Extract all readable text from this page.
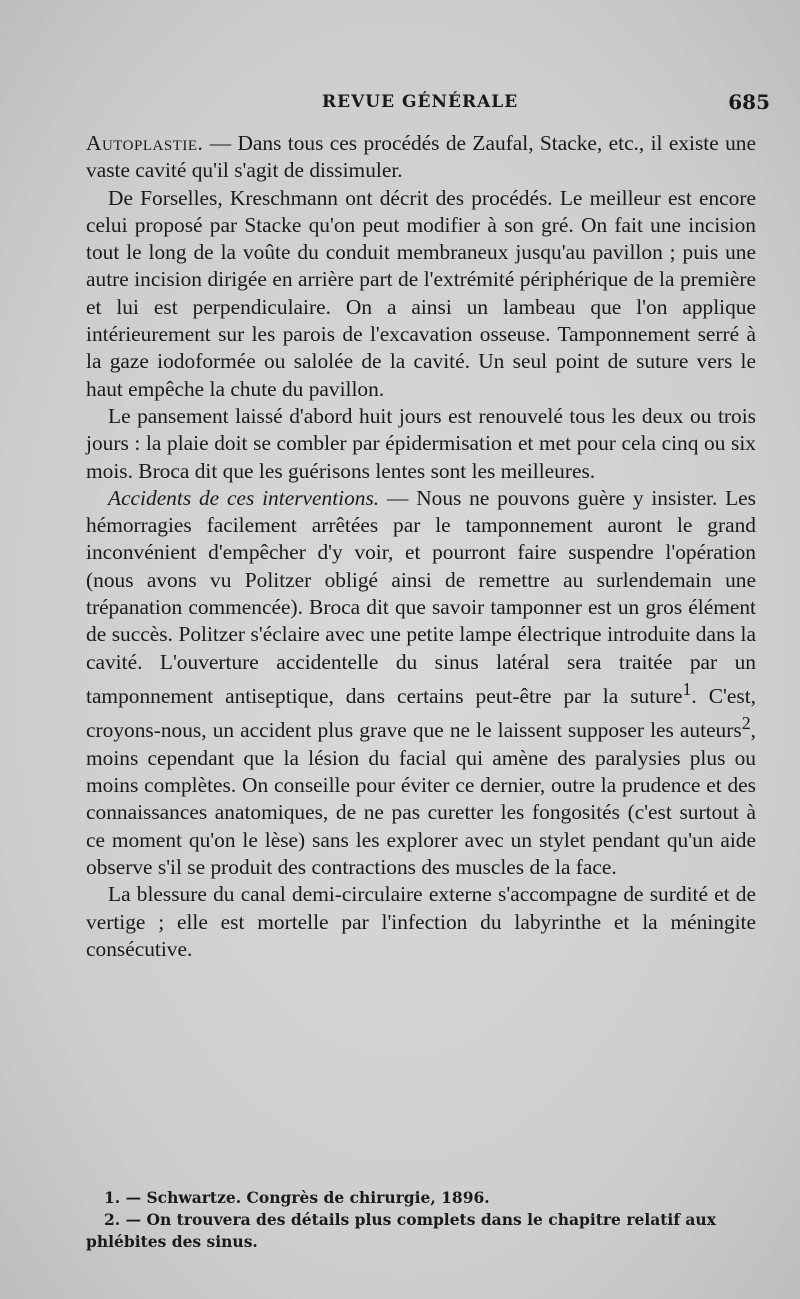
REVUE GÉNÉRALE	685

Autoplastie. — Dans tous ces procédés de Zaufal, Stacke, etc., il existe une vaste cavité qu'il s'agit de dissimuler.

De Forselles, Kreschmann ont décrit des procédés. Le meilleur est encore celui proposé par Stacke qu'on peut modifier à son gré. On fait une incision tout le long de la voûte du conduit membraneux jusqu'au pavillon ; puis une autre incision dirigée en arrière part de l'extrémité périphérique de la première et lui est perpendiculaire. On a ainsi un lambeau que l'on applique intérieurement sur les parois de l'excavation osseuse. Tamponnement serré à la gaze iodoformée ou salolée de la cavité. Un seul point de suture vers le haut empêche la chute du pavillon.

Le pansement laissé d'abord huit jours est renouvelé tous les deux ou trois jours : la plaie doit se combler par épidermisation et met pour cela cinq ou six mois. Broca dit que les guérisons lentes sont les meilleures.

Accidents de ces interventions. — Nous ne pouvons guère y insister. Les hémorragies facilement arrêtées par le tamponnement auront le grand inconvénient d'empêcher d'y voir, et pourront faire suspendre l'opération (nous avons vu Politzer obligé ainsi de remettre au surlendemain une trépanation commencée). Broca dit que savoir tamponner est un gros élément de succès. Politzer s'éclaire avec une petite lampe électrique introduite dans la cavité. L'ouverture accidentelle du sinus latéral sera traitée par un tamponnement antiseptique, dans certains peut-être par la suture$^1$. C'est, croyons-nous, un accident plus grave que ne le laissent supposer les auteurs$^2$, moins cependant que la lésion du facial qui amène des paralysies plus ou moins complètes. On conseille pour éviter ce dernier, outre la prudence et des connaissances anatomiques, de ne pas curetter les fongosités (c'est surtout à ce moment qu'on le lèse) sans les explorer avec un stylet pendant qu'un aide observe s'il se produit des contractions des muscles de la face.

La blessure du canal demi-circulaire externe s'accompagne de surdité et de vertige ; elle est mortelle par l'infection du labyrinthe et la méningite consécutive.

1. — Schwartze. Congrès de chirurgie, 1896.

2. — On trouvera des détails plus complets dans le chapitre relatif aux phlébites des sinus.
